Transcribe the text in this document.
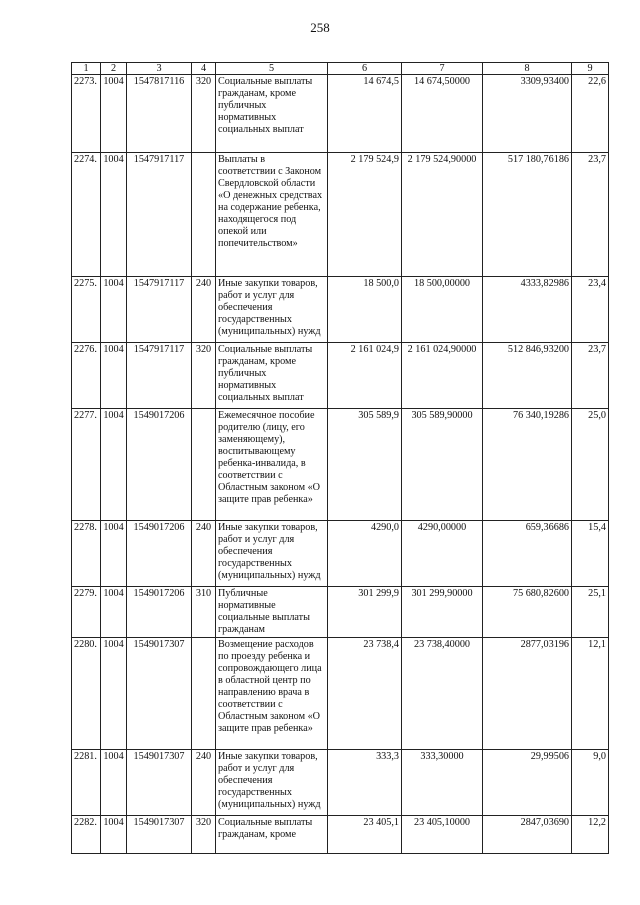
258
1	2	3	4	5	6	7	8	9
2273.	1004	1547817116	320	Социальные выплаты гражданам, кроме публичных нормативных социальных выплат	14 674,5	14 674,50000	3309,93400	22,6
2274.	1004	1547917117		Выплаты в соответствии с Законом Свердловской области «О денежных средствах на содержание ребенка, находящегося под опекой или попечительством»	2 179 524,9	2 179 524,90000	517 180,76186	23,7
2275.	1004	1547917117	240	Иные закупки товаров, работ и услуг для обеспечения государственных (муниципальных) нужд	18 500,0	18 500,00000	4333,82986	23,4
2276.	1004	1547917117	320	Социальные выплаты гражданам, кроме публичных нормативных социальных выплат	2 161 024,9	2 161 024,90000	512 846,93200	23,7
2277.	1004	1549017206		Ежемесячное пособие родителю (лицу, его заменяющему), воспитывающему ребенка-инвалида, в соответствии с Областным законом «О защите прав ребенка»	305 589,9	305 589,90000	76 340,19286	25,0
2278.	1004	1549017206	240	Иные закупки товаров, работ и услуг для обеспечения государственных (муниципальных) нужд	4290,0	4290,00000	659,36686	15,4
2279.	1004	1549017206	310	Публичные нормативные социальные выплаты гражданам	301 299,9	301 299,90000	75 680,82600	25,1
2280.	1004	1549017307		Возмещение расходов по проезду ребенка и сопровождающего лица в областной центр по направлению врача в соответствии с Областным законом «О защите прав ребенка»	23 738,4	23 738,40000	2877,03196	12,1
2281.	1004	1549017307	240	Иные закупки товаров, работ и услуг для обеспечения государственных (муниципальных) нужд	333,3	333,30000	29,99506	9,0
2282.	1004	1549017307	320	Социальные выплаты гражданам, кроме	23 405,1	23 405,10000	2847,03690	12,2
